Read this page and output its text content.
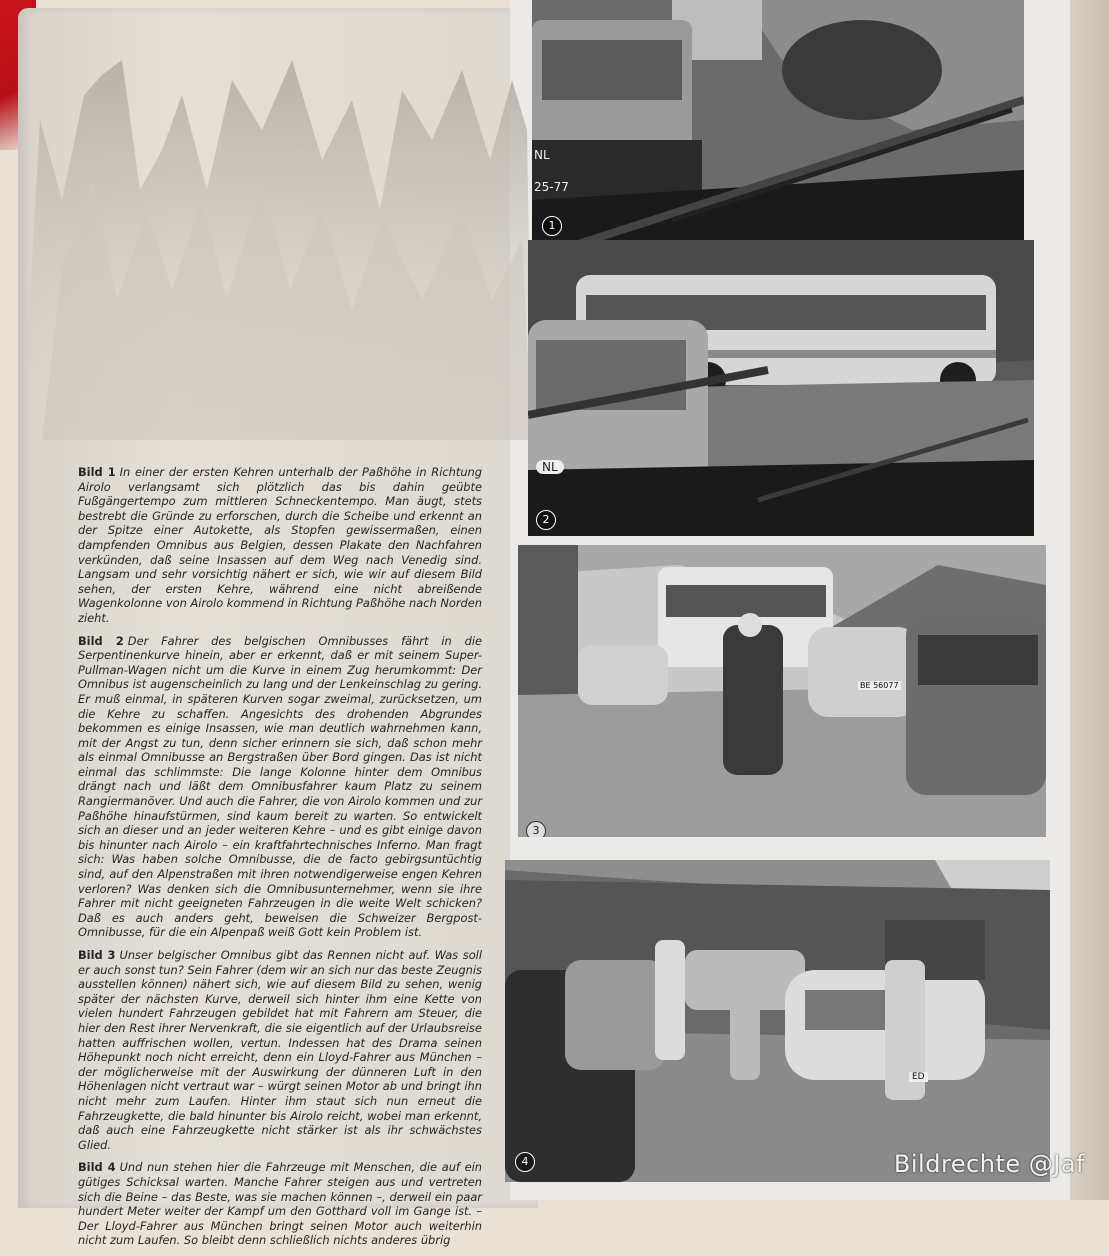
Bild 1 In einer der ersten Kehren unterhalb der Paßhöhe in Richtung Airolo verlangsamt sich plötzlich das bis dahin geübte Fußgängertempo zum mittleren Schneckentempo. Man äugt, stets bestrebt die Gründe zu erforschen, durch die Scheibe und erkennt an der Spitze einer Autokette, als Stopfen gewissermaßen, einen dampfenden Omnibus aus Belgien, dessen Plakate den Nachfahren verkünden, daß seine Insassen auf dem Weg nach Venedig sind. Langsam und sehr vorsichtig nähert er sich, wie wir auf diesem Bild sehen, der ersten Kehre, während eine nicht abreißende Wagenkolonne von Airolo kommend in Richtung Paßhöhe nach Norden zieht.

Bild 2 Der Fahrer des belgischen Omnibusses fährt in die Serpentinenkurve hinein, aber er erkennt, daß er mit seinem Super-Pullman-Wagen nicht um die Kurve in einem Zug herumkommt: Der Omnibus ist augenscheinlich zu lang und der Lenkeinschlag zu gering. Er muß einmal, in späteren Kurven sogar zweimal, zurücksetzen, um die Kehre zu schaffen. Angesichts des drohenden Abgrundes bekommen es einige Insassen, wie man deutlich wahrnehmen kann, mit der Angst zu tun, denn sicher erinnern sie sich, daß schon mehr als einmal Omnibusse an Bergstraßen über Bord gingen. Das ist nicht einmal das schlimmste: Die lange Kolonne hinter dem Omnibus drängt nach und läßt dem Omnibusfahrer kaum Platz zu seinem Rangiermanöver. Und auch die Fahrer, die von Airolo kommen und zur Paßhöhe hinaufstürmen, sind kaum bereit zu warten. So entwickelt sich an dieser und an jeder weiteren Kehre – und es gibt einige davon bis hinunter nach Airolo – ein kraftfahrtechnisches Inferno. Man fragt sich: Was haben solche Omnibusse, die de facto gebirgsuntüchtig sind, auf den Alpenstraßen mit ihren notwendigerweise engen Kehren verloren? Was denken sich die Omnibusunternehmer, wenn sie ihre Fahrer mit nicht geeigneten Fahrzeugen in die weite Welt schicken? Daß es auch anders geht, beweisen die Schweizer Bergpost-Omnibusse, für die ein Alpenpaß weiß Gott kein Problem ist.

Bild 3 Unser belgischer Omnibus gibt das Rennen nicht auf. Was soll er auch sonst tun? Sein Fahrer (dem wir an sich nur das beste Zeugnis ausstellen können) nähert sich, wie auf diesem Bild zu sehen, wenig später der nächsten Kurve, derweil sich hinter ihm eine Kette von vielen hundert Fahrzeugen gebildet hat mit Fahrern am Steuer, die hier den Rest ihrer Nervenkraft, die sie eigentlich auf der Urlaubsreise hatten auffrischen wollen, vertun. Indessen hat des Drama seinen Höhepunkt noch nicht erreicht, denn ein Lloyd-Fahrer aus München – der möglicherweise mit der Auswirkung der dünneren Luft in den Höhenlagen nicht vertraut war – würgt seinen Motor ab und bringt ihn nicht mehr zum Laufen. Hinter ihm staut sich nun erneut die Fahrzeugkette, die bald hinunter bis Airolo reicht, wobei man erkennt, daß auch eine Fahrzeugkette nicht stärker ist als ihr schwächstes Glied.

Bild 4 Und nun stehen hier die Fahrzeuge mit Menschen, die auf ein gütiges Schicksal warten. Manche Fahrer steigen aus und vertreten sich die Beine – das Beste, was sie machen können –, derweil ein paar hundert Meter weiter der Kampf um den Gotthard voll im Gange ist. – Der Lloyd-Fahrer aus München bringt seinen Motor auch weiterhin nicht zum Laufen. So bleibt denn schließlich nichts anderes übrig

1
NL
25-77
2
NL
3
BE 56077
4
ED
Bildrechte @Jaf
